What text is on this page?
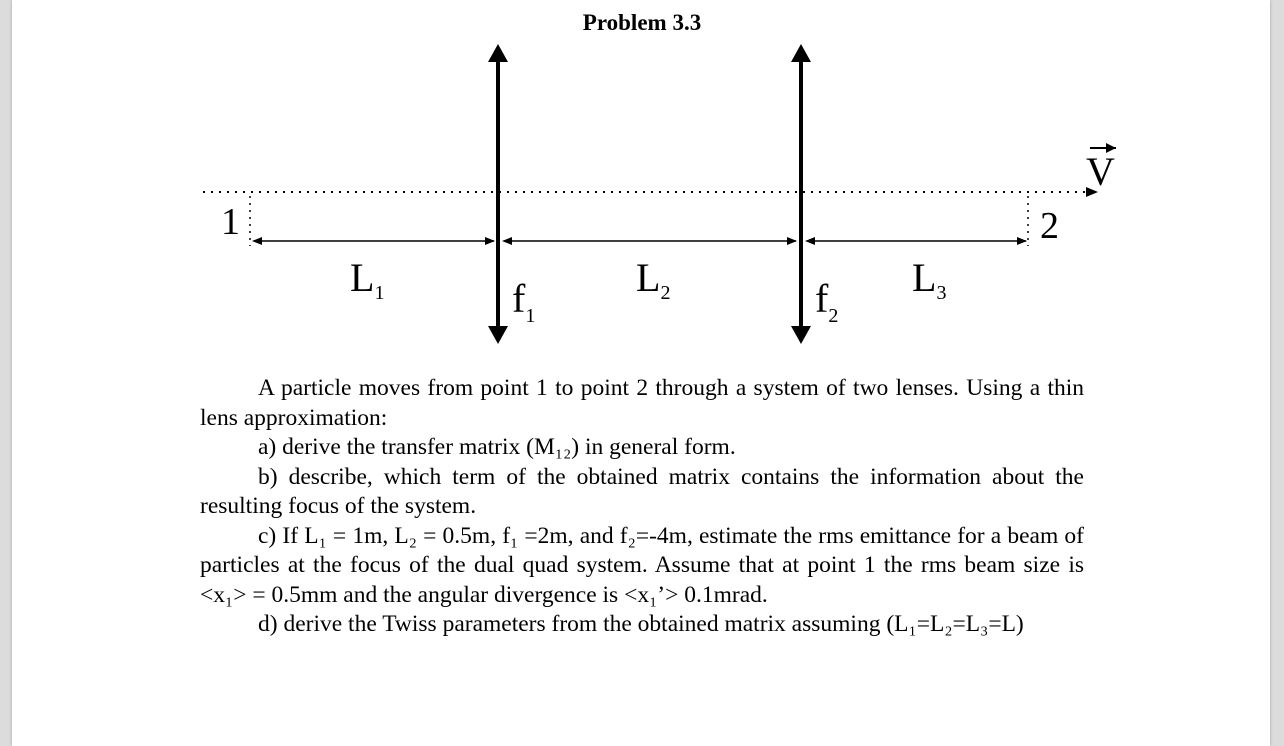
Problem 3.3
1	2
V
$L_1$	$L_2$	$L_3$
$f_1$	$f_2$

A particle moves from point 1 to point 2 through a system of two lenses. Using a thin lens approximation:

a) derive the transfer matrix (M₁₂) in general form.

b) describe, which term of the obtained matrix contains the information about the resulting focus of the system.

c) If L₁ = 1m, L₂ = 0.5m, f₁ =2m, and f₂=-4m, estimate the rms emittance for a beam of particles at the focus of the dual quad system. Assume that at point 1 the rms beam size is <x₁> = 0.5mm and the angular divergence is <x₁’> 0.1mrad.

d) derive the Twiss parameters from the obtained matrix assuming (L₁=L₂=L₃=L)
